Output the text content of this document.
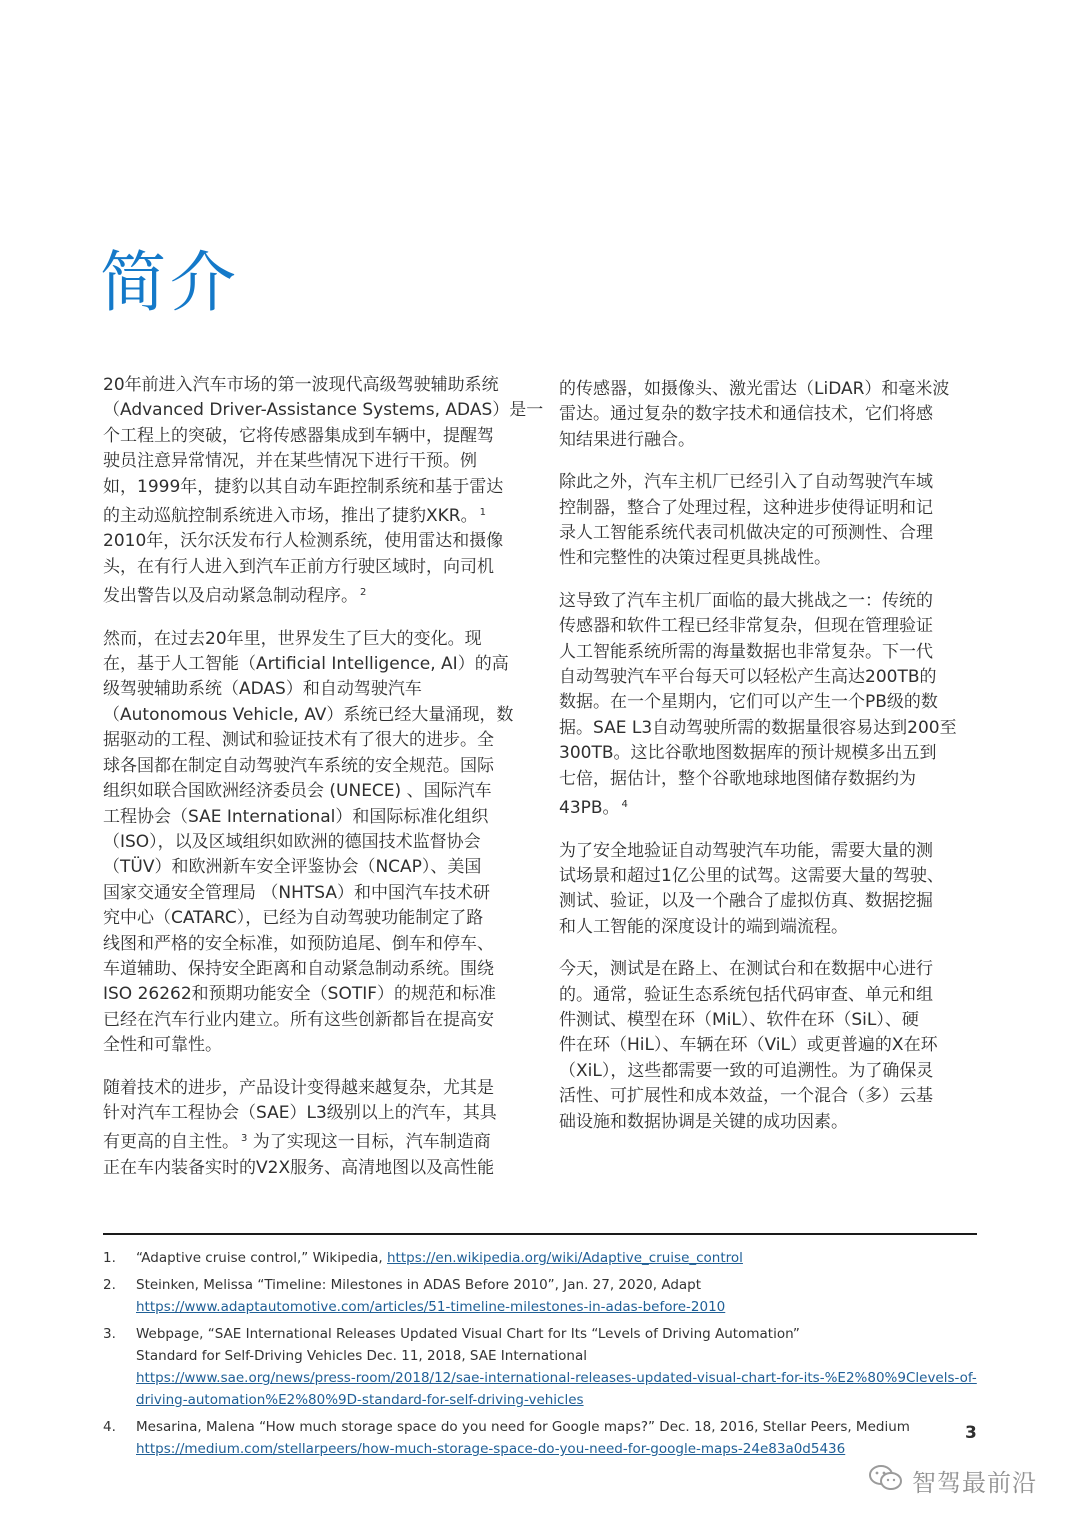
简介

20年前进入汽车市场的第一波现代高级驾驶辅助系统

（Advanced Driver-Assistance Systems, ADAS）是一

个工程上的突破，它将传感器集成到车辆中，提醒驾

驶员注意异常情况，并在某些情况下进行干预。例

如，1999年，捷豹以其自动车距控制系统和基于雷达

的主动巡航控制系统进入市场，推出了捷豹XKR。 $^1$

2010年，沃尔沃发布行人检测系统，使用雷达和摄像

头，在有行人进入到汽车正前方行驶区域时，向司机

发出警告以及启动紧急制动程序。 $^2$

然而，在过去20年里，世界发生了巨大的变化。现

在，基于人工智能（Artificial Intelligence, AI）的高

级驾驶辅助系统（ADAS）和自动驾驶汽车

（Autonomous Vehicle, AV）系统已经大量涌现，数

据驱动的工程、测试和验证技术有了很大的进步。全

球各国都在制定自动驾驶汽车系统的安全规范。国际

组织如联合国欧洲经济委员会 (UNECE) 、国际汽车

工程协会（SAE International）和国际标准化组织

（ISO），以及区域组织如欧洲的德国技术监督协会

（TÜV）和欧洲新车安全评鉴协会（NCAP）、美国

国家交通安全管理局 （NHTSA）和中国汽车技术研

究中心（CATARC），已经为自动驾驶功能制定了路

线图和严格的安全标准，如预防追尾、倒车和停车、

车道辅助、保持安全距离和自动紧急制动系统。围绕

ISO 26262和预期功能安全（SOTIF）的规范和标准

已经在汽车行业内建立。所有这些创新都旨在提高安

全性和可靠性。

随着技术的进步，产品设计变得越来越复杂，尤其是

针对汽车工程协会（SAE）L3级别以上的汽车，其具

有更高的自主性。 $^3$ 为了实现这一目标，汽车制造商

正在车内装备实时的V2X服务、高清地图以及高性能

的传感器，如摄像头、激光雷达（LiDAR）和毫米波

雷达。通过复杂的数字技术和通信技术，它们将感

知结果进行融合。

除此之外，汽车主机厂已经引入了自动驾驶汽车域

控制器，整合了处理过程，这种进步使得证明和记

录人工智能系统代表司机做决定的可预测性、合理

性和完整性的决策过程更具挑战性。

这导致了汽车主机厂面临的最大挑战之一：传统的

传感器和软件工程已经非常复杂，但现在管理验证

人工智能系统所需的海量数据也非常复杂。下一代

自动驾驶汽车平台每天可以轻松产生高达200TB的

数据。在一个星期内，它们可以产生一个PB级的数

据。SAE L3自动驾驶所需的数据量很容易达到200至

300TB。这比谷歌地图数据库的预计规模多出五到

七倍，据估计，整个谷歌地球地图储存数据约为

43PB。 $^4$

为了安全地验证自动驾驶汽车功能，需要大量的测

试场景和超过1亿公里的试驾。这需要大量的驾驶、

测试、验证，以及一个融合了虚拟仿真、数据挖掘

和人工智能的深度设计的端到端流程。

今天，测试是在路上、在测试台和在数据中心进行

的。通常，验证生态系统包括代码审查、单元和组

件测试、模型在环（MiL）、软件在环（SiL）、硬

件在环（HiL）、车辆在环（ViL）或更普遍的X在环

（XiL），这些都需要一致的可追溯性。为了确保灵

活性、可扩展性和成本效益，一个混合（多）云基

础设施和数据协调是关键的成功因素。

1.	“Adaptive cruise control,” Wikipedia, https://en.wikipedia.org/wiki/Adaptive_cruise_control
2.	Steinken, Melissa “Timeline: Milestones in ADAS Before 2010”, Jan. 27, 2020, Adapt
https://www.adaptautomotive.com/articles/51-timeline-milestones-in-adas-before-2010
3.	Webpage, “SAE International Releases Updated Visual Chart for Its “Levels of Driving Automation”
Standard for Self-Driving Vehicles Dec. 11, 2018, SAE International
https://www.sae.org/news/press-room/2018/12/sae-international-releases-updated-visual-chart-for-its-%E2%80%9Clevels-of-
driving-automation%E2%80%9D-standard-for-self-driving-vehicles
4.	Mesarina, Malena “How much storage space do you need for Google maps?” Dec. 18, 2016, Stellar Peers, Medium
https://medium.com/stellarpeers/how-much-storage-space-do-you-need-for-google-maps-24e83a0d5436
3
智驾最前沿
